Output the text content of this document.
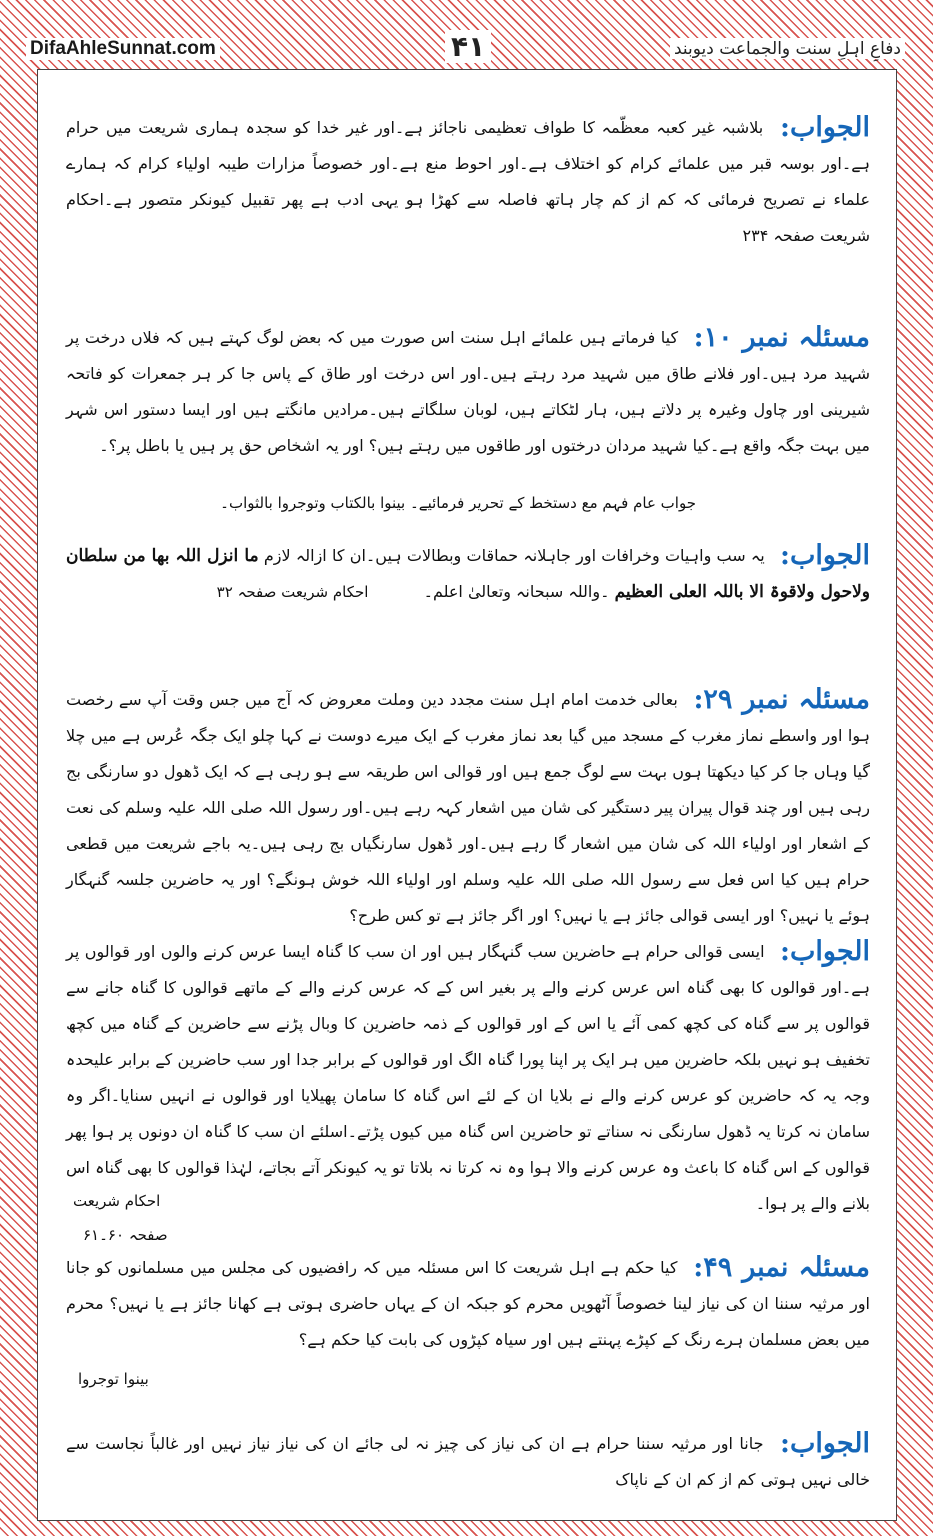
DifaAhleSunnat.com	۴۱	دفاعِ اہلِ سنت والجماعت دیوبند

الجواب: بلاشبہ غیر کعبہ معظّمہ کا طواف تعظیمی ناجائز ہے۔اور غیر خدا کو سجدہ ہماری شریعت میں حرام ہے۔اور بوسہ قبر میں علمائے کرام کو اختلاف ہے۔اور احوط منع ہے۔اور خصوصاً مزارات طیبہ اولیاء کرام کہ ہمارے علماء نے تصریح فرمائی کہ کم از کم چار ہاتھ فاصلہ سے کھڑا ہو یہی ادب ہے پھر تقبیل کیونکر متصور ہے۔احکام شریعت صفحہ ۲۳۴

مسئلہ نمبر ۱۰: کیا فرماتے ہیں علمائے اہل سنت اس صورت میں کہ بعض لوگ کہتے ہیں کہ فلاں درخت پر شہید مرد ہیں۔اور فلانے طاق میں شہید مرد رہتے ہیں۔اور اس درخت اور طاق کے پاس جا کر ہر جمعرات کو فاتحہ شیرینی اور چاول وغیرہ پر دلاتے ہیں، ہار لٹکاتے ہیں، لوبان سلگاتے ہیں۔مرادیں مانگتے ہیں اور ایسا دستور اس شہر میں بہت جگہ واقع ہے۔کیا شہید مردان درختوں اور طاقوں میں رہتے ہیں؟ اور یہ اشخاص حق پر ہیں یا باطل پر؟۔

جواب عام فہم مع دستخط کے تحریر فرمائیے۔ بینوا بالکتاب وتوجروا بالثواب۔

الجواب: یہ سب واہیات وخرافات اور جاہلانہ حماقات وبطالات ہیں۔ان کا ازالہ لازم ما انزل اللہ بھا من سلطان ولاحول ولاقوۃ الا باللہ العلی العظیم ۔واللہ سبحانہ وتعالیٰ اعلم۔ احکام شریعت صفحہ ۳۲

مسئلہ نمبر ۲۹: بعالی خدمت امام اہل سنت مجدد دین وملت معروض کہ آج میں جس وقت آپ سے رخصت ہوا اور واسطے نماز مغرب کے مسجد میں گیا بعد نماز مغرب کے ایک میرے دوست نے کہا چلو ایک جگہ عُرس ہے میں چلا گیا وہاں جا کر کیا دیکھتا ہوں بہت سے لوگ جمع ہیں اور قوالی اس طریقہ سے ہو رہی ہے کہ ایک ڈھول دو سارنگی بج رہی ہیں اور چند قوال پیران پیر دستگیر کی شان میں اشعار کہہ رہے ہیں۔اور رسول اللہ صلی اللہ علیہ وسلم کی نعت کے اشعار اور اولیاء اللہ کی شان میں اشعار گا رہے ہیں۔اور ڈھول سارنگیاں بج رہی ہیں۔یہ باجے شریعت میں قطعی حرام ہیں کیا اس فعل سے رسول اللہ صلی اللہ علیہ وسلم اور اولیاء اللہ خوش ہونگے؟ اور یہ حاضرین جلسہ گنہگار ہوئے یا نہیں؟ اور ایسی قوالی جائز ہے یا نہیں؟ اور اگر جائز ہے تو کس طرح؟

الجواب: ایسی قوالی حرام ہے حاضرین سب گنہگار ہیں اور ان سب کا گناہ ایسا عرس کرنے والوں اور قوالوں پر ہے۔اور قوالوں کا بھی گناہ اس عرس کرنے والے پر بغیر اس کے کہ عرس کرنے والے کے ماتھے قوالوں کا گناہ جانے سے قوالوں پر سے گناہ کی کچھ کمی آئے یا اس کے اور قوالوں کے ذمہ حاضرین کا وبال پڑنے سے حاضرین کے گناہ میں کچھ تخفیف ہو نہیں بلکہ حاضرین میں ہر ایک پر اپنا پورا گناہ الگ اور قوالوں کے برابر جدا اور سب حاضرین کے برابر علیحدہ وجہ یہ کہ حاضرین کو عرس کرنے والے نے بلایا ان کے لئے اس گناہ کا سامان پھیلایا اور قوالوں نے انہیں سنایا۔اگر وہ سامان نہ کرتا یہ ڈھول سارنگی نہ سناتے تو حاضرین اس گناہ میں کیوں پڑتے۔اسلئے ان سب کا گناہ ان دونوں پر ہوا پھر قوالوں کے اس گناہ کا باعث وہ عرس کرنے والا ہوا وہ نہ کرتا نہ بلاتا تو یہ کیونکر آتے بجاتے، لہٰذا قوالوں کا بھی گناہ اس بلانے والے پر ہوا۔

احکام شریعت
صفحہ ۶۰۔۶۱

مسئلہ نمبر ۴۹: کیا حکم ہے اہل شریعت کا اس مسئلہ میں کہ رافضیوں کی مجلس میں مسلمانوں کو جانا اور مرثیہ سننا ان کی نیاز لینا خصوصاً آٹھویں محرم کو جبکہ ان کے یہاں حاضری ہوتی ہے کھانا جائز ہے یا نہیں؟ محرم میں بعض مسلمان ہرے رنگ کے کپڑے پہنتے ہیں اور سیاہ کپڑوں کی بابت کیا حکم ہے؟

بینوا توجروا

الجواب: جانا اور مرثیہ سننا حرام ہے ان کی نیاز کی چیز نہ لی جائے ان کی نیاز نیاز نہیں اور غالباً نجاست سے خالی نہیں ہوتی کم از کم ان کے ناپاک
